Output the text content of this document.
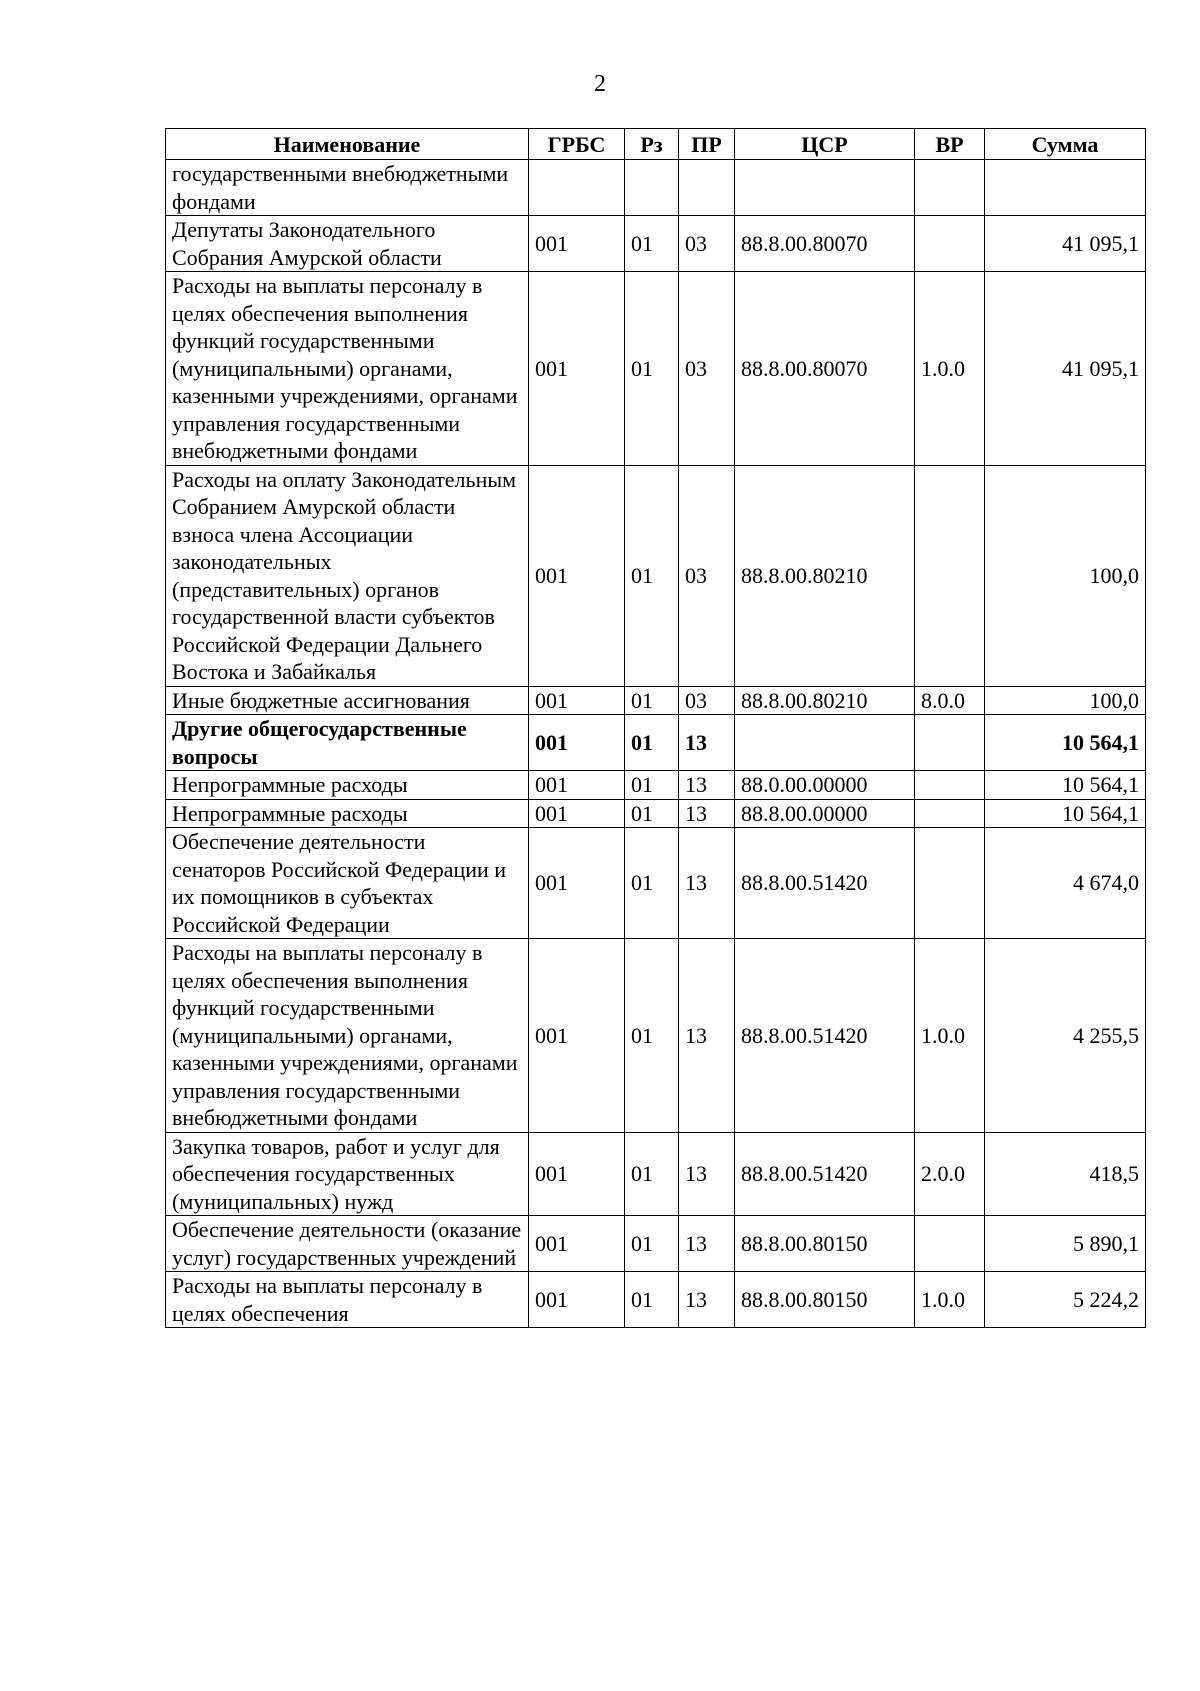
2
Наименование	ГРБС	Рз	ПР	ЦСР	ВР	Сумма
государственными внебюджетными фондами						
Депутаты Законодательного Собрания Амурской области	001	01	03	88.8.00.80070		41 095,1
Расходы на выплаты персоналу в целях обеспечения выполнения функций государственными (муниципальными) органами, казенными учреждениями, органами управления государственными внебюджетными фондами	001	01	03	88.8.00.80070	1.0.0	41 095,1
Расходы на оплату Законодательным Собранием Амурской области взноса члена Ассоциации законодательных (представительных) органов государственной власти субъектов Российской Федерации Дальнего Востока и Забайкалья	001	01	03	88.8.00.80210		100,0
Иные бюджетные ассигнования	001	01	03	88.8.00.80210	8.0.0	100,0
Другие общегосударственные вопросы	001	01	13			10 564,1
Непрограммные расходы	001	01	13	88.0.00.00000		10 564,1
Непрограммные расходы	001	01	13	88.8.00.00000		10 564,1
Обеспечение деятельности сенаторов Российской Федерации и их помощников в субъектах Российской Федерации	001	01	13	88.8.00.51420		4 674,0
Расходы на выплаты персоналу в целях обеспечения выполнения функций государственными (муниципальными) органами, казенными учреждениями, органами управления государственными внебюджетными фондами	001	01	13	88.8.00.51420	1.0.0	4 255,5
Закупка товаров, работ и услуг для обеспечения государственных (муниципальных) нужд	001	01	13	88.8.00.51420	2.0.0	418,5
Обеспечение деятельности (оказание услуг) государственных учреждений	001	01	13	88.8.00.80150		5 890,1
Расходы на выплаты персоналу в целях обеспечения	001	01	13	88.8.00.80150	1.0.0	5 224,2
